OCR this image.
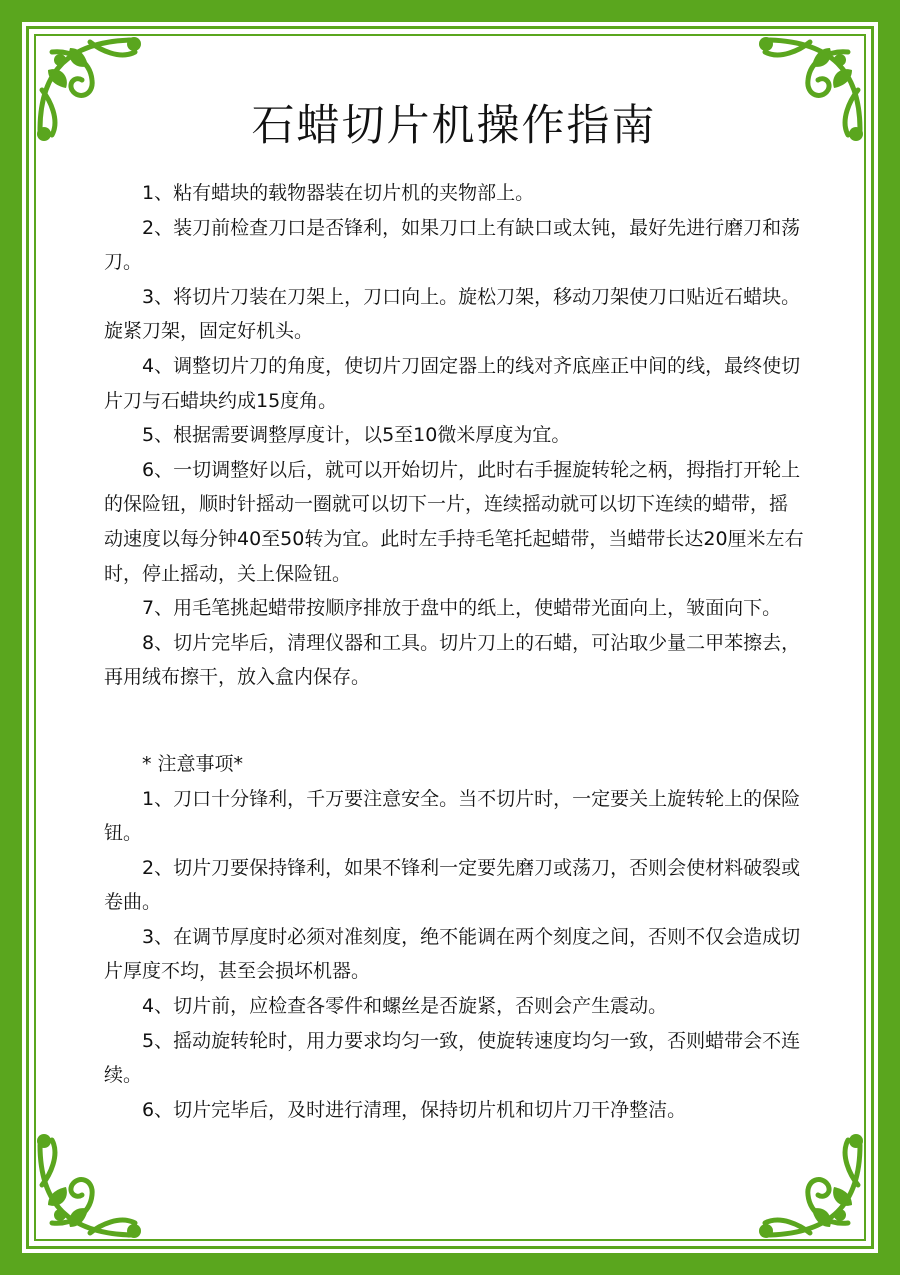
石蜡切片机操作指南

1、粘有蜡块的载物器装在切片机的夹物部上。

2、装刀前检查刀口是否锋利，如果刀口上有缺口或太钝，最好先进行磨刀和荡刀。

3、将切片刀装在刀架上，刀口向上。旋松刀架，移动刀架使刀口贴近石蜡块。旋紧刀架，固定好机头。

4、调整切片刀的角度，使切片刀固定器上的线对齐底座正中间的线，最终使切片刀与石蜡块约成15度角。

5、根据需要调整厚度计，以5至10微米厚度为宜。

6、一切调整好以后，就可以开始切片，此时右手握旋转轮之柄，拇指打开轮上的保险钮，顺时针摇动一圈就可以切下一片，连续摇动就可以切下连续的蜡带，摇动速度以每分钟40至50转为宜。此时左手持毛笔托起蜡带，当蜡带长达20厘米左右时，停止摇动，关上保险钮。

7、用毛笔挑起蜡带按顺序排放于盘中的纸上，使蜡带光面向上，皱面向下。

8、切片完毕后，清理仪器和工具。切片刀上的石蜡，可沾取少量二甲苯擦去，再用绒布擦干，放入盒内保存。

* 注意事项*

1、刀口十分锋利，千万要注意安全。当不切片时，一定要关上旋转轮上的保险钮。

2、切片刀要保持锋利，如果不锋利一定要先磨刀或荡刀，否则会使材料破裂或卷曲。

3、在调节厚度时必须对准刻度，绝不能调在两个刻度之间，否则不仅会造成切片厚度不均，甚至会损坏机器。

4、切片前，应检查各零件和螺丝是否旋紧，否则会产生震动。

5、摇动旋转轮时，用力要求均匀一致，使旋转速度均匀一致，否则蜡带会不连续。

6、切片完毕后，及时进行清理，保持切片机和切片刀干净整洁。
